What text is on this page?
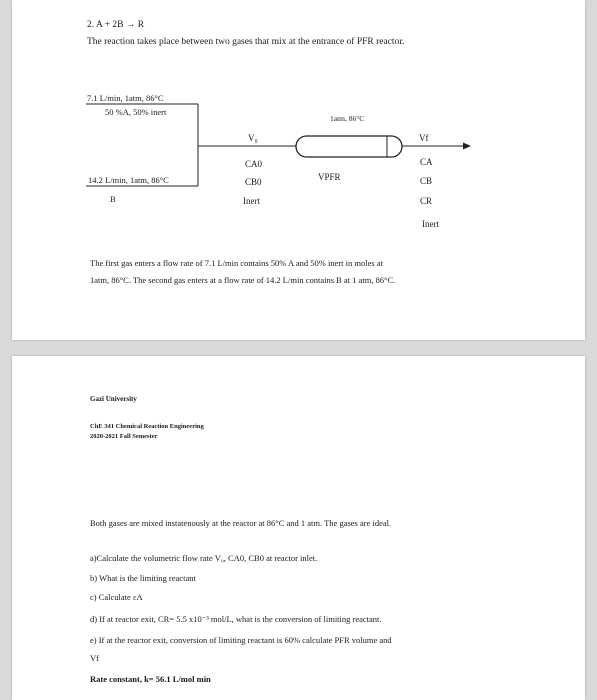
2. A + 2B → R
The reaction takes place between two gases that mix at the entrance of PFR reactor.
7.1 L/min, 1atm, 86°C
50 %A, 50% inert
14.2 L/min, 1atm, 86°C
B
V₀
CA0
CB0
Inert
1atm, 86°C
VPFR
Vf
CA
CB
CR
Inert
The first gas enters a flow rate of 7.1 L/min contains 50% A and 50% inert in moles at
1atm, 86°C. The second gas enters at a flow rate of 14.2 L/min contains B at 1 atm, 86°C.
Gazi University
ChE 341 Chemical Reaction Engineering
2020-2021 Fall Semester
Both gases are mixed instatenously at the reactor at 86°C and 1 atm. The gases are ideal.
a)Calculate the volumetric flow rate V₀, CA0, CB0 at reactor inlet.
b) What is the limiting reactant
c) Calculate εA
d) If at reactor exit, CR= 5.5 x10⁻³ mol/L, what is the conversion of limiting reactant.
e) If at the reactor exit, conversion of limiting reactant is 60% calculate PFR volume and
Vf
Rate constant, k= 56.1 L/mol min
